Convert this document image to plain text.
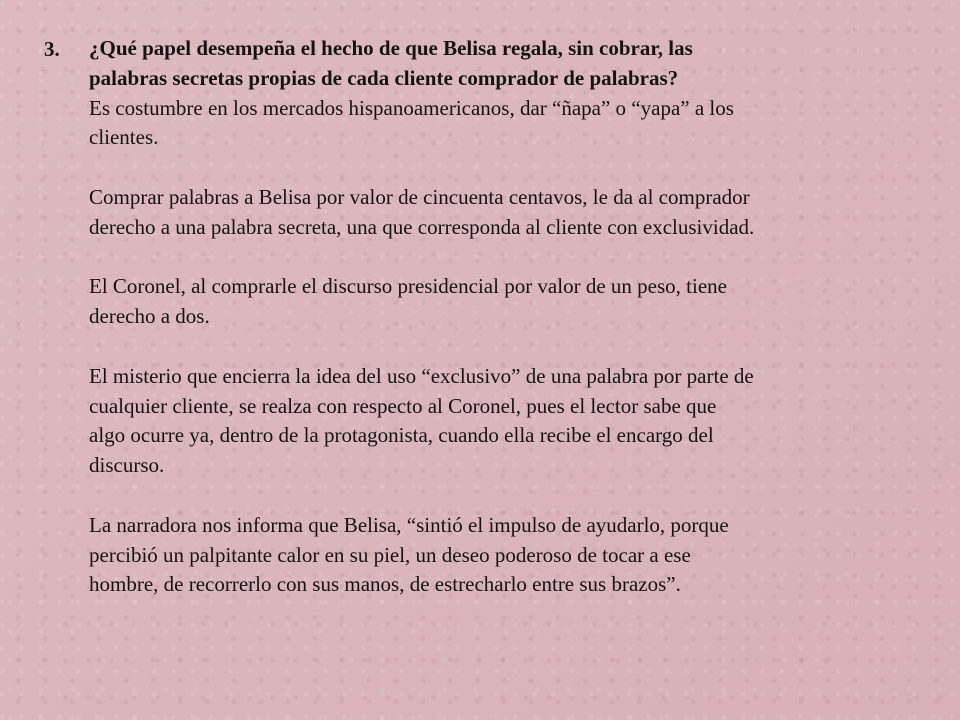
3. ¿Qué papel desempeña el hecho de que Belisa regala, sin cobrar, las
palabras secretas propias de cada cliente comprador de palabras?

Es costumbre en los mercados hispanoamericanos, dar “ñapa” o “yapa” a los
clientes.

Comprar palabras a Belisa por valor de cincuenta centavos, le da al comprador
derecho a una palabra secreta, una que corresponda al cliente con exclusividad.

El Coronel, al comprarle el discurso presidencial por valor de un peso, tiene
derecho a dos.

El misterio que encierra la idea del uso “exclusivo” de una palabra por parte de
cualquier cliente, se realza con respecto al Coronel, pues el lector sabe que
algo ocurre ya, dentro de la protagonista, cuando ella recibe el encargo del
discurso.

La narradora nos informa que Belisa, “sintió el impulso de ayudarlo, porque
percibió un palpitante calor en su piel, un deseo poderoso de tocar a ese
hombre, de recorrerlo con sus manos, de estrecharlo entre sus brazos”.
